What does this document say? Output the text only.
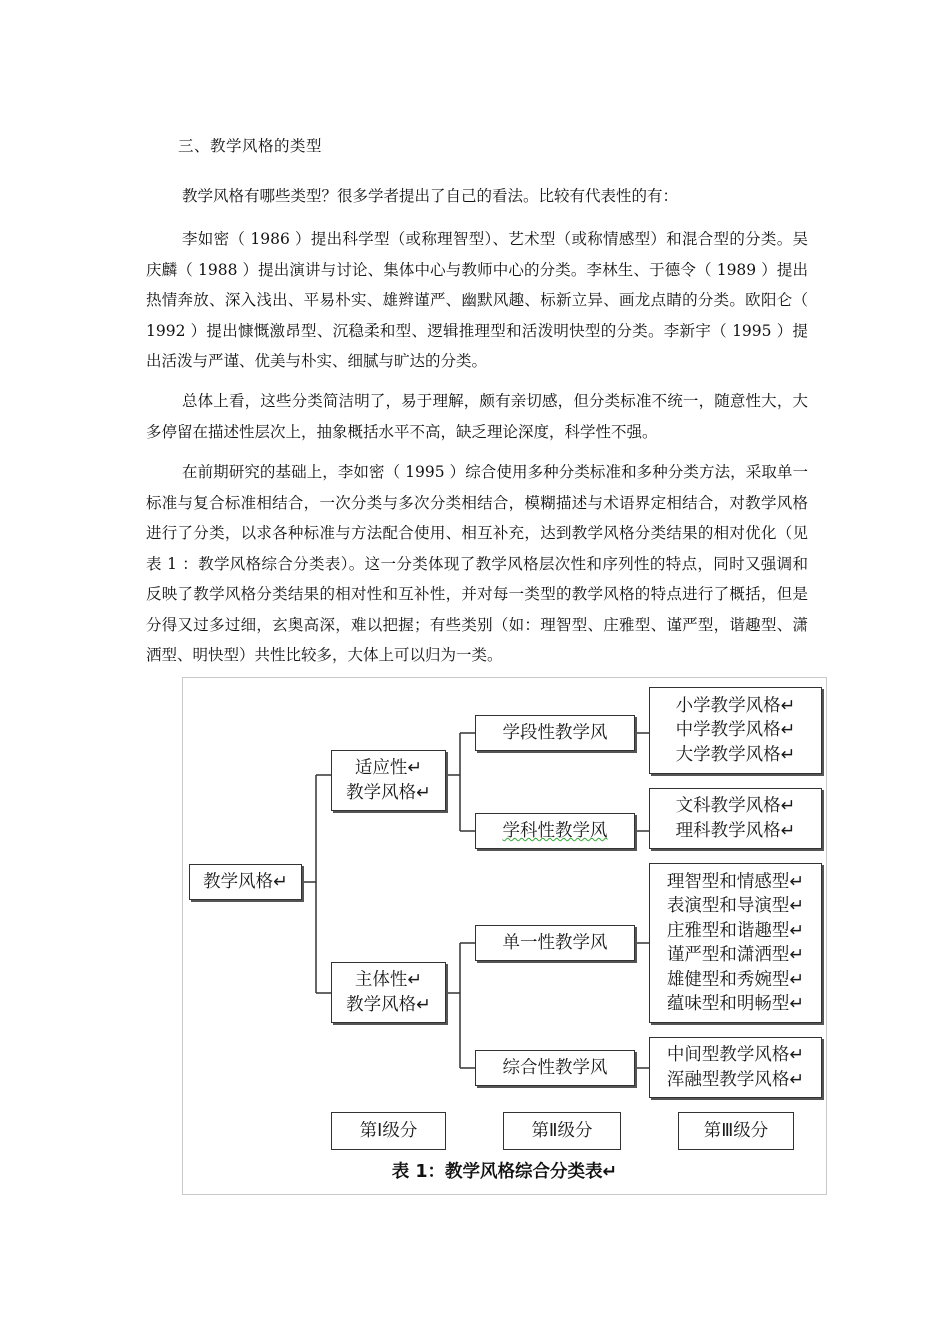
三、教学风格的类型

教学风格有哪些类型？很多学者提出了自己的看法。比较有代表性的有：

李如密（ 1986 ）提出科学型（或称理智型）、艺术型（或称情感型）和混合型的分类。吴庆麟（ 1988 ）提出演讲与讨论、集体中心与教师中心的分类。李林生、于德令（ 1989 ）提出热情奔放、深入浅出、平易朴实、雄辫谨严、幽默风趣、标新立异、画龙点睛的分类。欧阳仑（ 1992 ）提出慷慨激昂型、沉稳柔和型、逻辑推理型和活泼明快型的分类。李新宇（ 1995 ）提出活泼与严谨、优美与朴实、细腻与旷达的分类。

总体上看，这些分类简洁明了，易于理解，颇有亲切感，但分类标准不统一，随意性大，大多停留在描述性层次上，抽象概括水平不高，缺乏理论深度，科学性不强。

在前期研究的基础上，李如密（ 1995 ）综合使用多种分类标准和多种分类方法，采取单一标准与复合标准相结合，一次分类与多次分类相结合，模糊描述与术语界定相结合，对教学风格进行了分类，以求各种标准与方法配合使用、相互补充，达到教学风格分类结果的相对优化（见表 1 ：教学风格综合分类表）。这一分类体现了教学风格层次性和序列性的特点，同时又强调和反映了教学风格分类结果的相对性和互补性，并对每一类型的教学风格的特点进行了概括，但是分得又过多过细，玄奥高深，难以把握；有些类别（如：理智型、庄雅型、谨严型，谐趣型、潇洒型、明快型）共性比较多，大体上可以归为一类。

教学风格↵
适应性↵
教学风格↵
主体性↵
教学风格↵
学段性教学风
学科性教学风
单一性教学风
综合性教学风
小学教学风格↵
中学教学风格↵
大学教学风格↵
文科教学风格↵
理科教学风格↵
理智型和情感型↵
表演型和导演型↵
庄雅型和谐趣型↵
谨严型和潇洒型↵
雄健型和秀婉型↵
蕴味型和明畅型↵
中间型教学风格↵
浑融型教学风格↵
第Ⅰ级分	第Ⅱ级分	第Ⅲ级分
表 1：教学风格综合分类表↵
